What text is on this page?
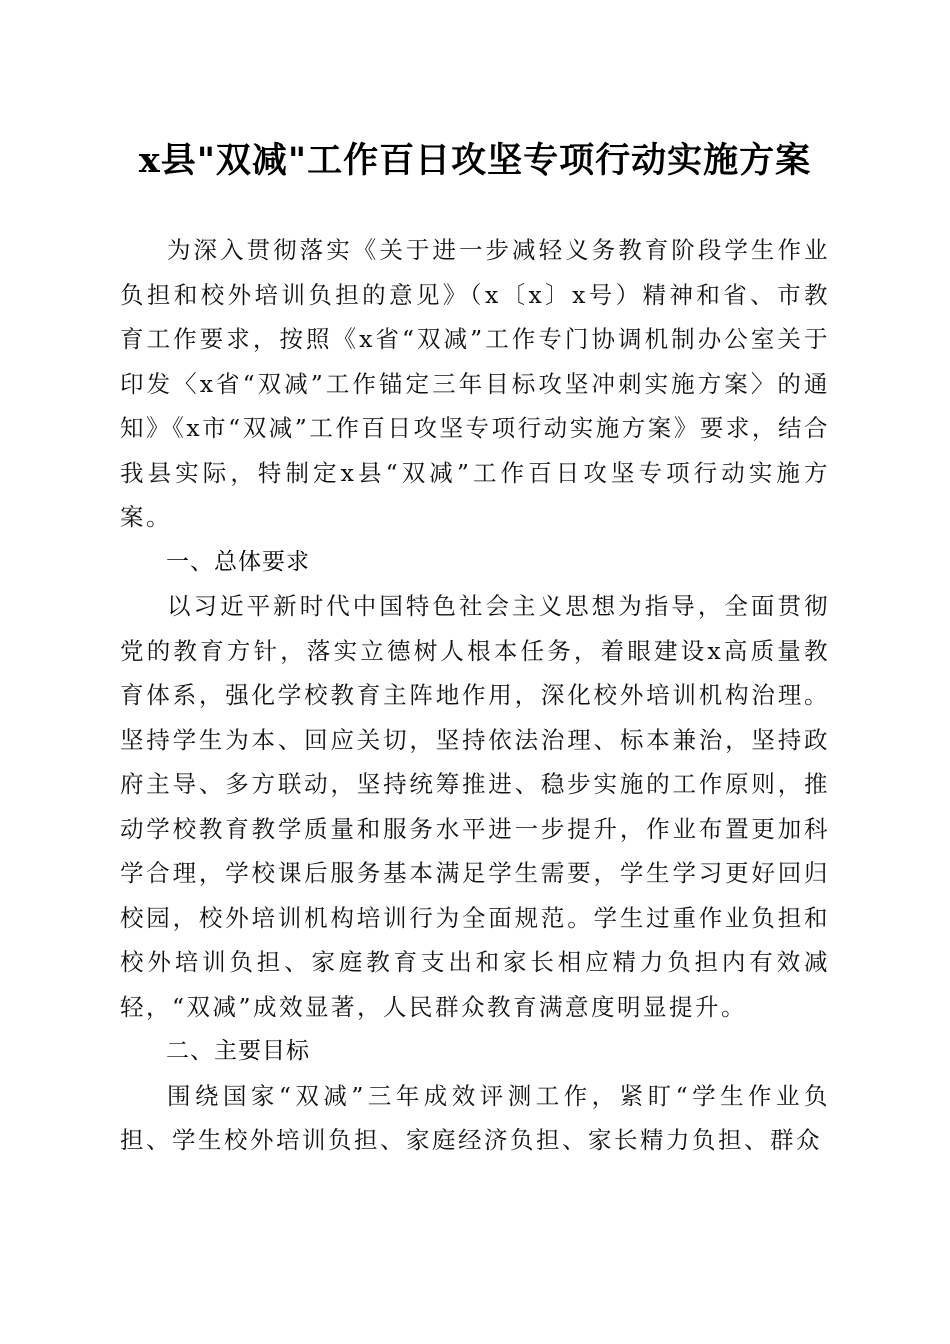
x县"双减"工作百日攻坚专项行动实施方案

为深入贯彻落实《关于进一步减轻义务教育阶段学生作业负担和校外培训负担的意见》（x〔x〕x号）精神和省、市教育工作要求，按照《x省“双减”工作专门协调机制办公室关于印发〈x省“双减”工作锚定三年目标攻坚冲刺实施方案〉的通知》《x市“双减”工作百日攻坚专项行动实施方案》要求，结合我县实际，特制定x县“双减”工作百日攻坚专项行动实施方案。

一、总体要求

以习近平新时代中国特色社会主义思想为指导，全面贯彻党的教育方针，落实立德树人根本任务，着眼建设x高质量教育体系，强化学校教育主阵地作用，深化校外培训机构治理。坚持学生为本、回应关切，坚持依法治理、标本兼治，坚持政府主导、多方联动，坚持统筹推进、稳步实施的工作原则，推动学校教育教学质量和服务水平进一步提升，作业布置更加科学合理，学校课后服务基本满足学生需要，学生学习更好回归校园，校外培训机构培训行为全面规范。学生过重作业负担和校外培训负担、家庭教育支出和家长相应精力负担内有效减轻，“双减”成效显著，人民群众教育满意度明显提升。

二、主要目标

围绕国家“双减”三年成效评测工作，紧盯“学生作业负担、学生校外培训负担、家庭经济负担、家长精力负担、群众
